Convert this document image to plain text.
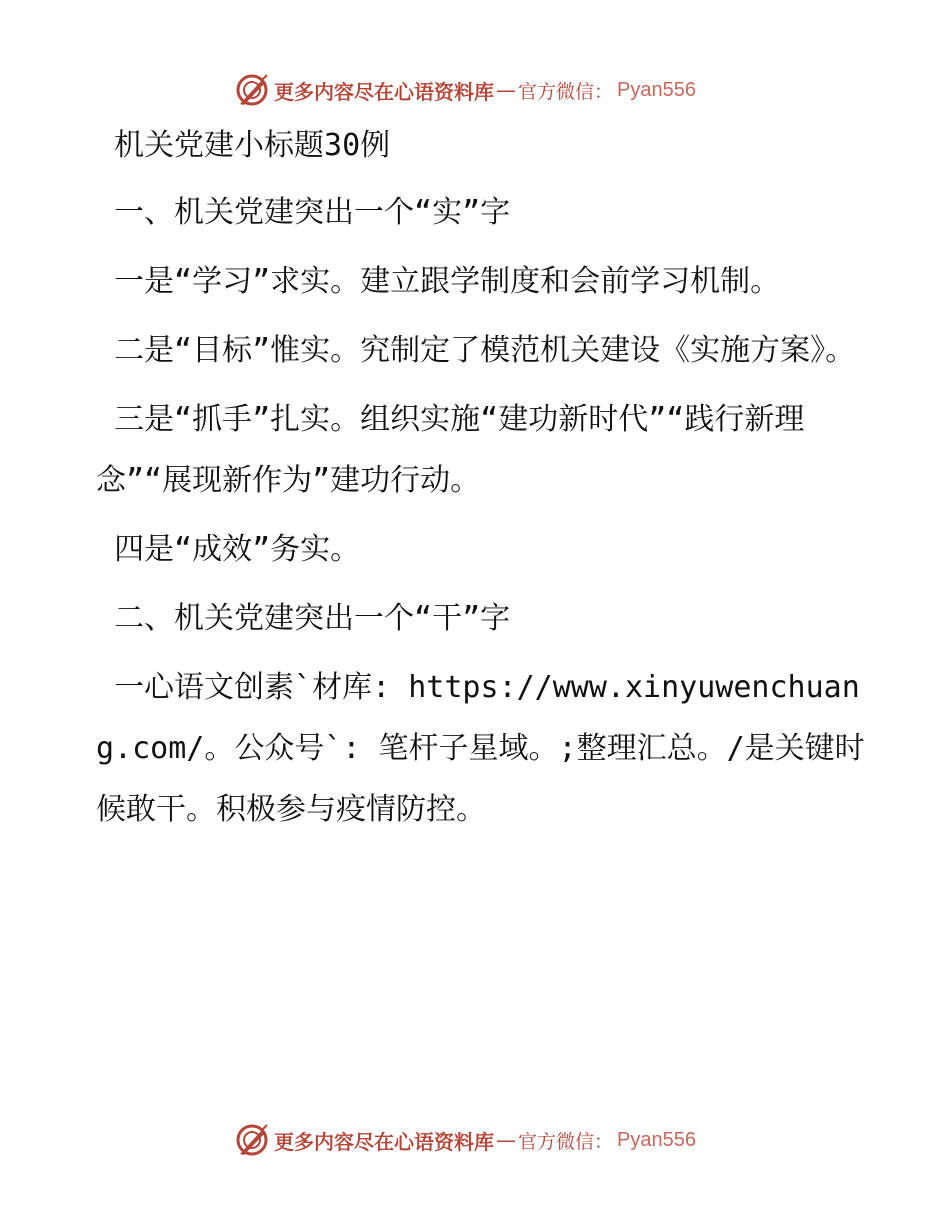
更多内容尽在心语资料库 — 官方微信： Pyan556
机关党建小标题30例
一、机关党建突出一个“实”字
一是“学习”求实。建立跟学制度和会前学习机制。
二是“目标”惟实。究制定了模范机关建设《实施方案》。
三是“抓手”扎实。组织实施“建功新时代”“践行新理念”“展现新作为”建功行动。
四是“成效”务实。
二、机关党建突出一个“干”字
一心语文创素`材库: https://www.xinyuwenchuang.com/。公众号`: 笔杆子星域。;整理汇总。/是关键时候敢干。积极参与疫情防控。
更多内容尽在心语资料库 — 官方微信： Pyan556
